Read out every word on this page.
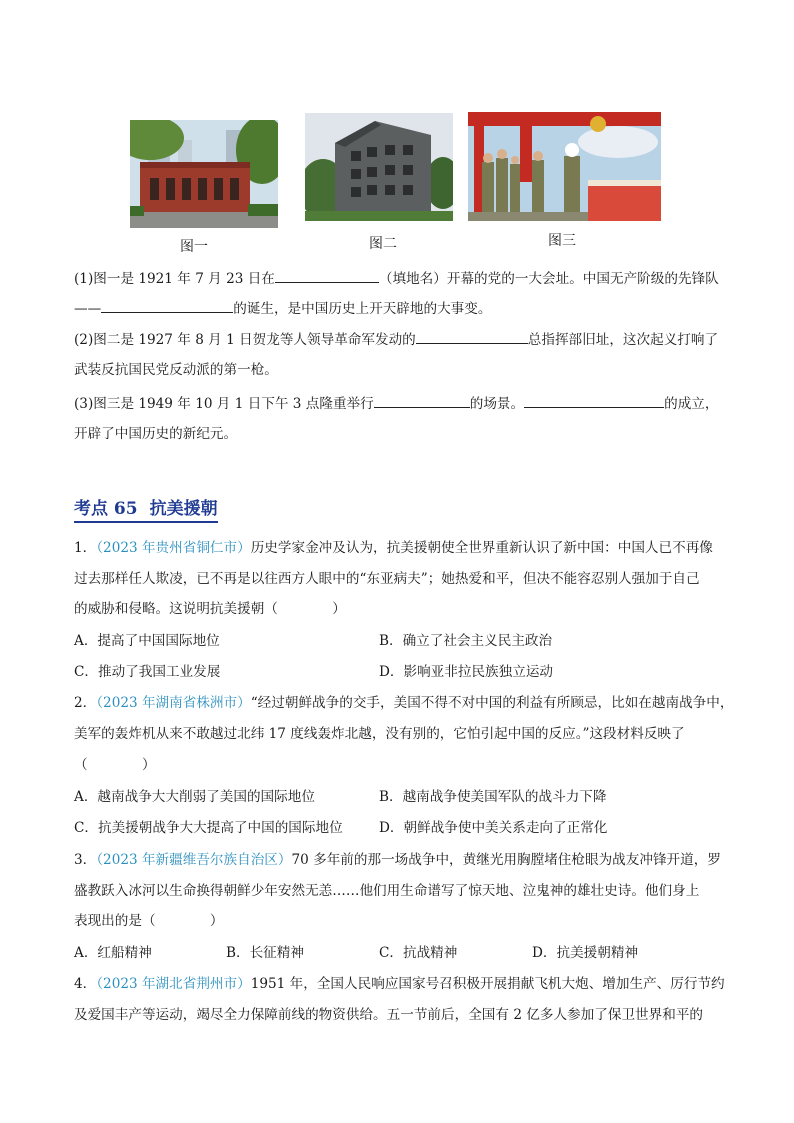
图一	图二	图三
(1)图一是 1921 年 7 月 23 日在	（填地名）开幕的党的一大会址。中国无产阶级的先锋队
——	的诞生，是中国历史上开天辟地的大事变。
(2)图二是 1927 年 8 月 1 日贺龙等人领导革命军发动的	总指挥部旧址，这次起义打响了
武装反抗国民党反动派的第一枪。
(3)图三是 1949 年 10 月 1 日下午 3 点隆重举行	的场景。	的成立，
开辟了中国历史的新纪元。
考点 65 抗美援朝
1．（2023 年贵州省铜仁市）历史学家金冲及认为，抗美援朝使全世界重新认识了新中国：中国人已不再像
过去那样任人欺凌，已不再是以往西方人眼中的“东亚病夫”；她热爱和平，但决不能容忍别人强加于自己
的威胁和侵略。这说明抗美援朝（　　　　）
A．提高了中国国际地位	B．确立了社会主义民主政治
C．推动了我国工业发展	D．影响亚非拉民族独立运动
2．（2023 年湖南省株洲市）“经过朝鲜战争的交手，美国不得不对中国的利益有所顾忌，比如在越南战争中，
美军的轰炸机从来不敢越过北纬 17 度线轰炸北越，没有别的，它怕引起中国的反应。”这段材料反映了
（　　　　）
A．越南战争大大削弱了美国的国际地位	B．越南战争使美国军队的战斗力下降
C．抗美援朝战争大大提高了中国的国际地位	D．朝鲜战争使中美关系走向了正常化
3．（2023 年新疆维吾尔族自治区）70 多年前的那一场战争中，黄继光用胸膛堵住枪眼为战友冲锋开道，罗
盛教跃入冰河以生命换得朝鲜少年安然无恙……他们用生命谱写了惊天地、泣鬼神的雄壮史诗。他们身上
表现出的是（　　　　）
A．红船精神	B．长征精神	C．抗战精神	D．抗美援朝精神
4．（2023 年湖北省荆州市）1951 年，全国人民响应国家号召积极开展捐献飞机大炮、增加生产、厉行节约
及爱国丰产等运动，竭尽全力保障前线的物资供给。五一节前后，全国有 2 亿多人参加了保卫世界和平的
